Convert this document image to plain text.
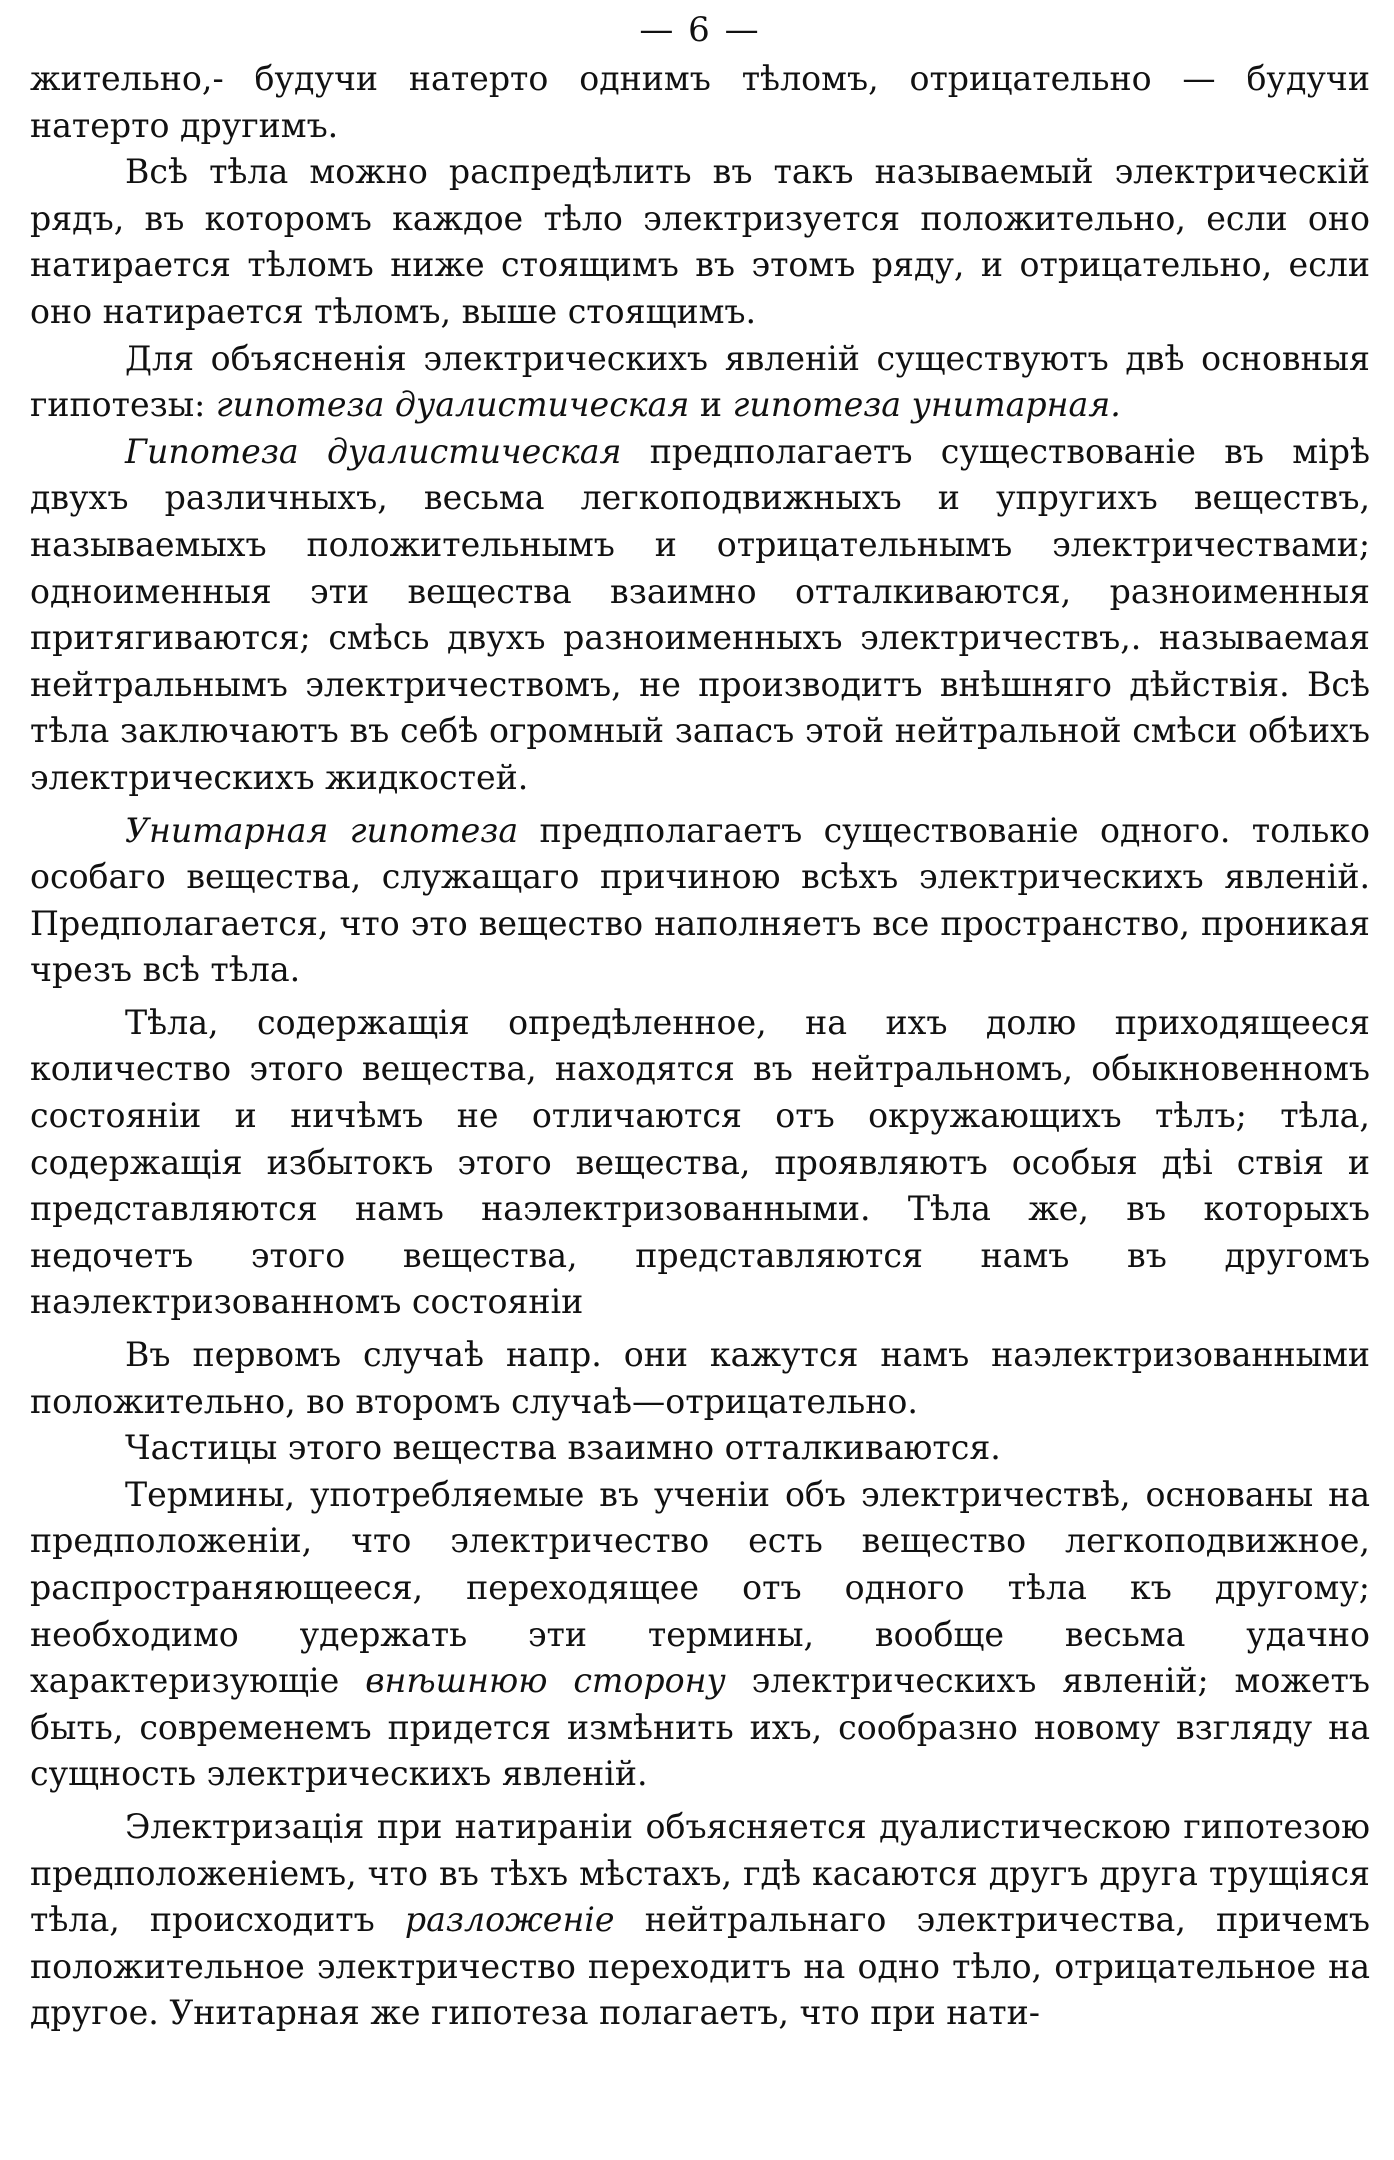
— 6 —

жительно,- будучи натерто однимъ тѣломъ, отрицательно — будучи натерто другимъ.

Всѣ тѣла можно распредѣлить въ такъ называемый электрическій рядъ, въ которомъ каждое тѣло электризуется положительно, если оно натирается тѣломъ ниже стоящимъ въ этомъ ряду, и отрицательно, если оно натирается тѣломъ, выше стоящимъ.

Для объясненія электрическихъ явленій существуютъ двѣ основныя гипотезы: гипотеза дуалистическая и гипотеза унитарная.

Гипотеза дуалистическая предполагаетъ существованіе въ мірѣ двухъ различныхъ, весьма легкоподвижныхъ и упругихъ веществъ, называемыхъ положительнымъ и отрицательнымъ электричествами; одноименныя эти вещества взаимно отталкиваются, разноименныя притягиваются; смѣсь двухъ разноименныхъ электричествъ,. называемая нейтральнымъ электричествомъ, не производитъ внѣшняго дѣйствія. Всѣ тѣла заключаютъ въ себѣ огромный запасъ этой нейтральной смѣси обѣихъ электрическихъ жидкостей.

Унитарная гипотеза предполагаетъ существованіе одного. только особаго вещества, служащаго причиною всѣхъ электрическихъ явленій. Предполагается, что это вещество наполняетъ все пространство, проникая чрезъ всѣ тѣла.

Тѣла, содержащія опредѣленное, на ихъ долю приходящееся количество этого вещества, находятся въ нейтральномъ, обыкновенномъ состояніи и ничѣмъ не отличаются отъ окружающихъ тѣлъ; тѣла, содержащія избытокъ этого вещества, проявляютъ особыя дѣі ствія и представляются намъ наэлектризованными. Тѣла же, въ которыхъ недочетъ этого вещества, представляются намъ въ другомъ наэлектризованномъ состояніи

Въ первомъ случаѣ напр. они кажутся намъ наэлектризованными положительно, во второмъ случаѣ—отрицательно.

Частицы этого вещества взаимно отталкиваются.

Термины, употребляемые въ ученіи объ электричествѣ, основаны на предположеніи, что электричество есть вещество легкоподвижное, распространяющееся, переходящее отъ одного тѣла къ другому; необходимо удержать эти термины, вообще весьма удачно характеризующіе внѣшнюю сторону электрическихъ явленій; можетъ быть, современемъ придется измѣнить ихъ, сообразно новому взгляду на сущность электрическихъ явленій.

Электризація при натираніи объясняется дуалистическою гипотезою предположеніемъ, что въ тѣхъ мѣстахъ, гдѣ касаются другъ друга трущіяся тѣла, происходитъ разложеніе нейтральнаго электричества, причемъ положительное электричество переходитъ на одно тѣло, отрицательное на другое. Унитарная же гипотеза полагаетъ, что при нати-
